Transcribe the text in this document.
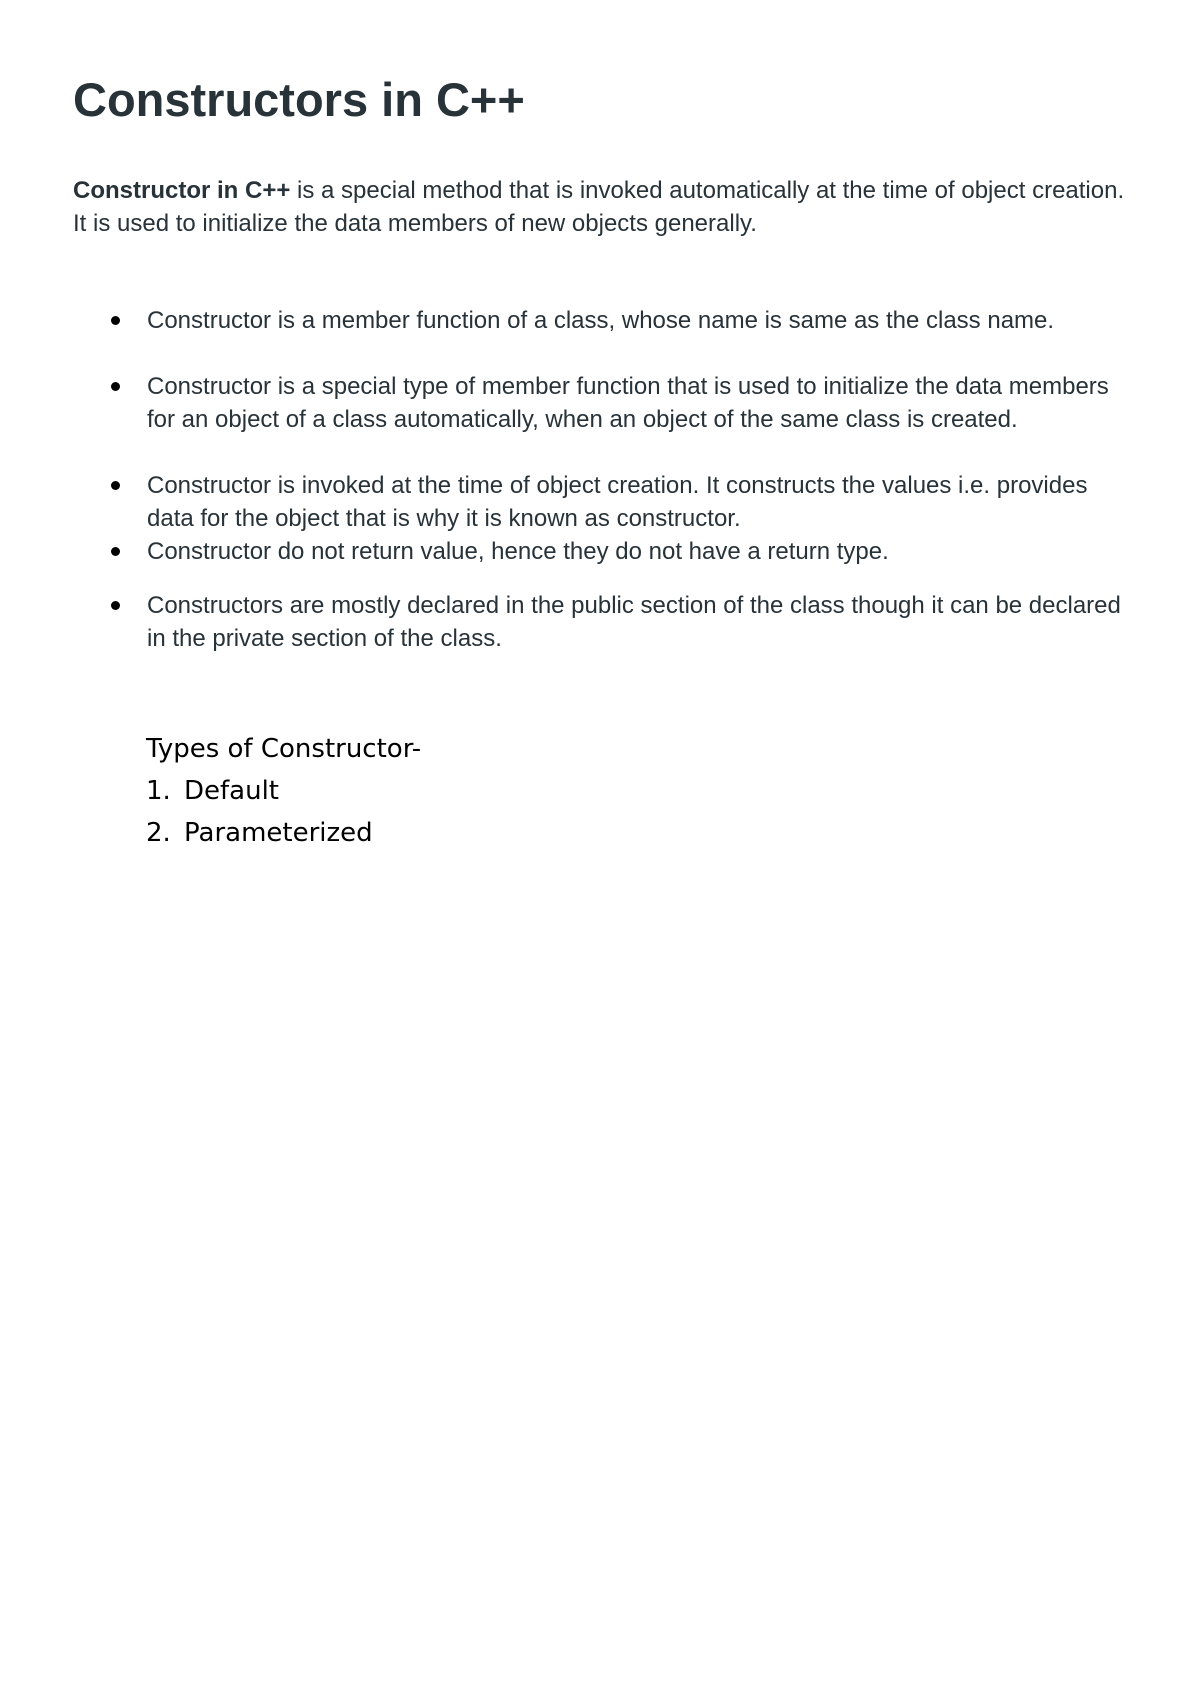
Constructors in C++

Constructor in C++ is a special method that is invoked automatically at the time of object creation. It is used to initialize the data members of new objects generally.

Constructor is a member function of a class, whose name is same as the class name.
Constructor is a special type of member function that is used to initialize the data members for an object of a class automatically, when an object of the same class is created.
Constructor is invoked at the time of object creation. It constructs the values i.e. provides data for the object that is why it is known as constructor.
Constructor do not return value, hence they do not have a return type.
Constructors are mostly declared in the public section of the class though it can be declared in the private section of the class.

Types of Constructor-

1. Default
2. Parameterized
